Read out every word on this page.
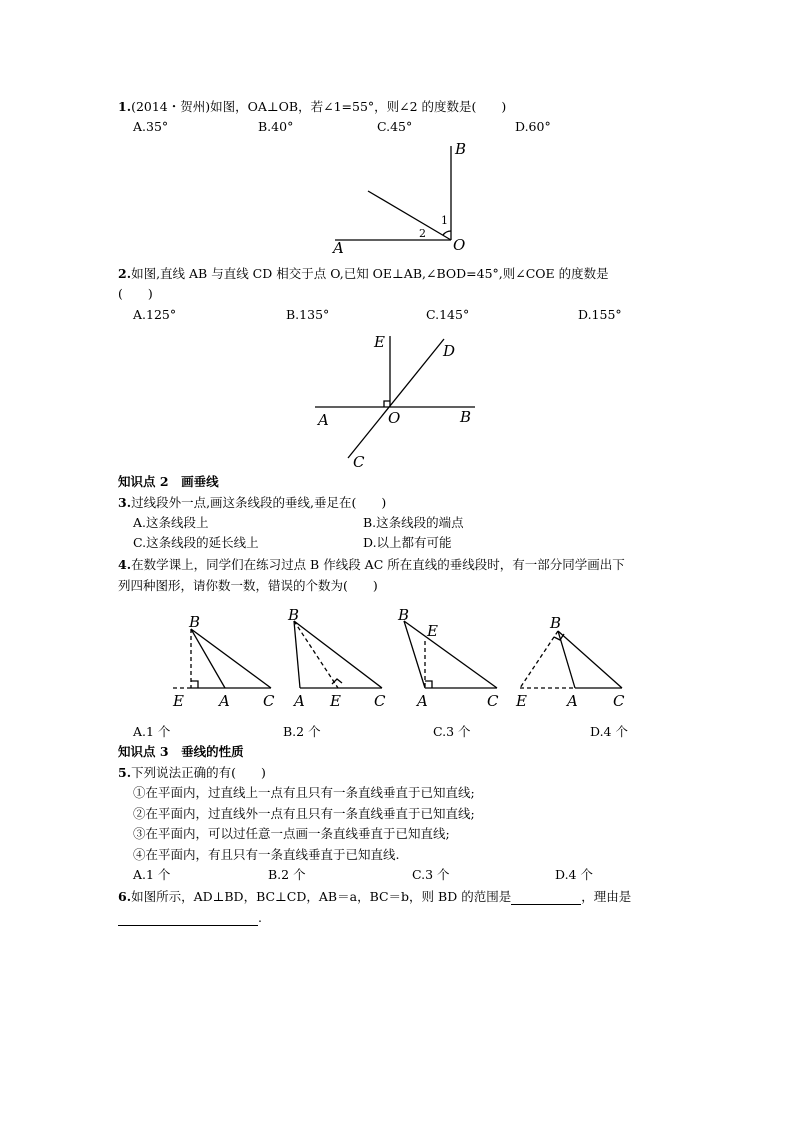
1.(2014・贺州)如图，OA⊥OB，若∠1=55°，则∠2 的度数是(　　)
A.35°	B.40°	C.45°	D.60°
B
A	O
1
2
2.如图,直线 AB 与直线 CD 相交于点 O,已知 OE⊥AB,∠BOD=45°,则∠COE 的度数是
(　　)
A.125°	B.135°	C.145°	D.155°
E	D
A	O	B
C
知识点 2　 画垂线
3.过线段外一点,画这条线段的垂线,垂足在(　　)
A.这条线段上	B.这条线段的端点
C.这条线段的延长线上	D.以上都有可能
4.在数学课上，同学们在练习过点 B 作线段 AC 所在直线的垂线段时，有一部分同学画出下
列四种图形，请你数一数，错误的个数为(　　)
B
E A C
B
A E C
B
E
A	C
B
E	A C
A.1 个	B.2 个	C.3 个	D.4 个
知识点 3　 垂线的性质
5.下列说法正确的有(　　)
①在平面内，过直线上一点有且只有一条直线垂直于已知直线;
②在平面内，过直线外一点有且只有一条直线垂直于已知直线;
③在平面内，可以过任意一点画一条直线垂直于已知直线;
④在平面内，有且只有一条直线垂直于已知直线.
A.1 个	B.2 个	C.3 个	D.4 个
6.如图所示，AD⊥BD，BC⊥CD，AB＝a，BC＝b，则 BD 的范围是	，理由是
.
